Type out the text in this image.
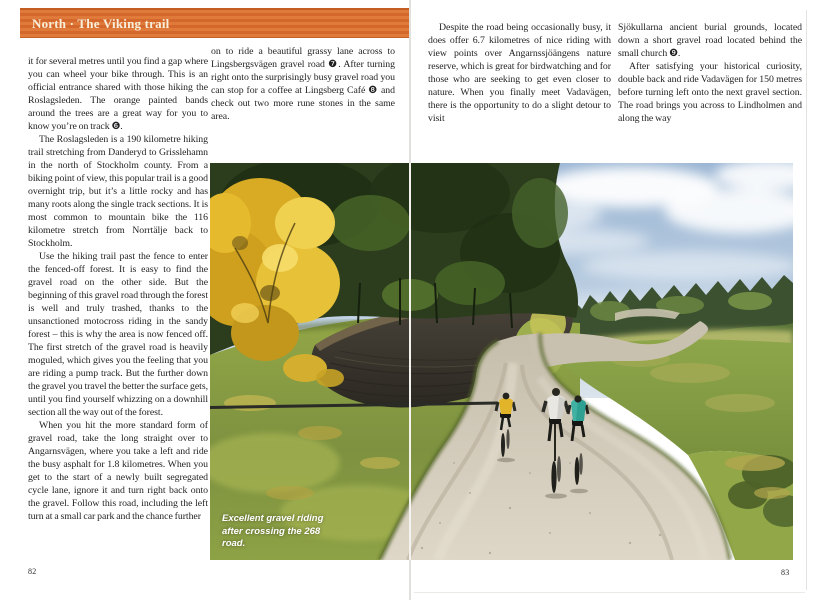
North · The Viking trail

it for several metres until you find a gap where you can wheel your bike through. This is an official entrance shared with those hiking the Roslagsleden. The orange painted bands around the trees are a great way for you to know you’re on track ❻.

The Roslagsleden is a 190 kilometre hiking trail stretching from Danderyd to Grisslehamn in the north of Stockholm county. From a biking point of view, this popular trail is a good overnight trip, but it’s a little rocky and has many roots along the single track sections. It is most common to mountain bike the 116 kilometre stretch from Norrtälje back to Stockholm.

Use the hiking trail past the fence to enter the fenced-off forest. It is easy to find the gravel road on the other side. But the beginning of this gravel road through the forest is well and truly trashed, thanks to the unsanctioned motocross riding in the sandy forest – this is why the area is now fenced off. The first stretch of the gravel road is heavily moguled, which gives you the feeling that you are riding a pump track. But the further down the gravel you travel the better the surface gets, until you find yourself whizzing on a downhill section all the way out of the forest.

When you hit the more standard form of gravel road, take the long straight over to Angarnsvägen, where you take a left and ride the busy asphalt for 1.8 kilometres. When you get to the start of a newly built segregated cycle lane, ignore it and turn right back onto the gravel. Follow this road, including the left turn at a small car park and the chance further

on to ride a beautiful grassy lane across to Lingsbergsvägen gravel road ❼. After turning right onto the surprisingly busy gravel road you can stop for a coffee at Lingsberg Café ❽ and check out two more rune stones in the same area.

Despite the road being occasionally busy, it does offer 6.7 kilometres of nice riding with view points over Angarnssjöängens nature reserve, which is great for birdwatching and for those who are seeking to get even closer to nature. When you finally meet Vadavägen, there is the opportunity to do a slight detour to visit

Sjökullarna ancient burial grounds, located down a short gravel road located behind the small church ❾.

After satisfying your historical curiosity, double back and ride Vadavägen for 150 metres before turning left onto the next gravel section. The road brings you across to Lindholmen and along the way

Excellent gravel riding after crossing the 268 road.
82	83
